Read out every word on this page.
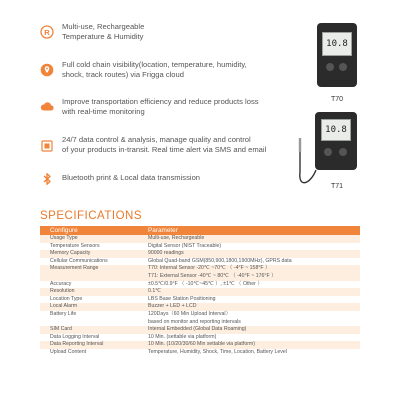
R
Multi-use, Rechargeable
Temperature & Humidity
Full cold chain visibility(location, temperature, humidity,
shock, track routes) via Frigga cloud
Improve transportation efficiency and reduce products loss
with real-time monitoring
24/7 data control & analysis, manage quality and control
of your products in-transit. Real time alert via SMS and email
Bluetooth print & Local data transmission
10.8
T70
10.8
T71
SPECIFICATIONS
Configure	Parameter
Usage Type	Multi-use, Rechargeable

Temperature Sensors	Digital Sensor (NIST Traceable)

Memory Capacity	90000 readings

Cellular Communications	Global Quad-band GSM(850,900,1800,1900MHz), GPRS data

Measurement Range	T70: Internal Sensor -20℃ ~70℃ （ -4°F ~ 158°F ）
T71: External Sensor -40℃ ~ 80℃ （ -40°F ~ 176°F ）

Accuracy	±0.5℃/0.9°F （ -10℃~45℃ ）, ±1℃ （ Other ）

Resolution	0.1℃

Location Type	LBS Base Station Positioning

Local Alarm	Buzzer + LED + LCD

Battery Life	120Days（60 Min Upload Interval）
based on monitor and reporting intervals

SIM Card	Internal Embedded (Global Data Roaming)

Data Logging Interval	10 Min. (settable via platform)

Data Reporting Interval	10 Min. (10/20/30/60 Min settable via platform)

Upload Content	Temperature, Humidity, Shock, Time, Location, Battery Level
